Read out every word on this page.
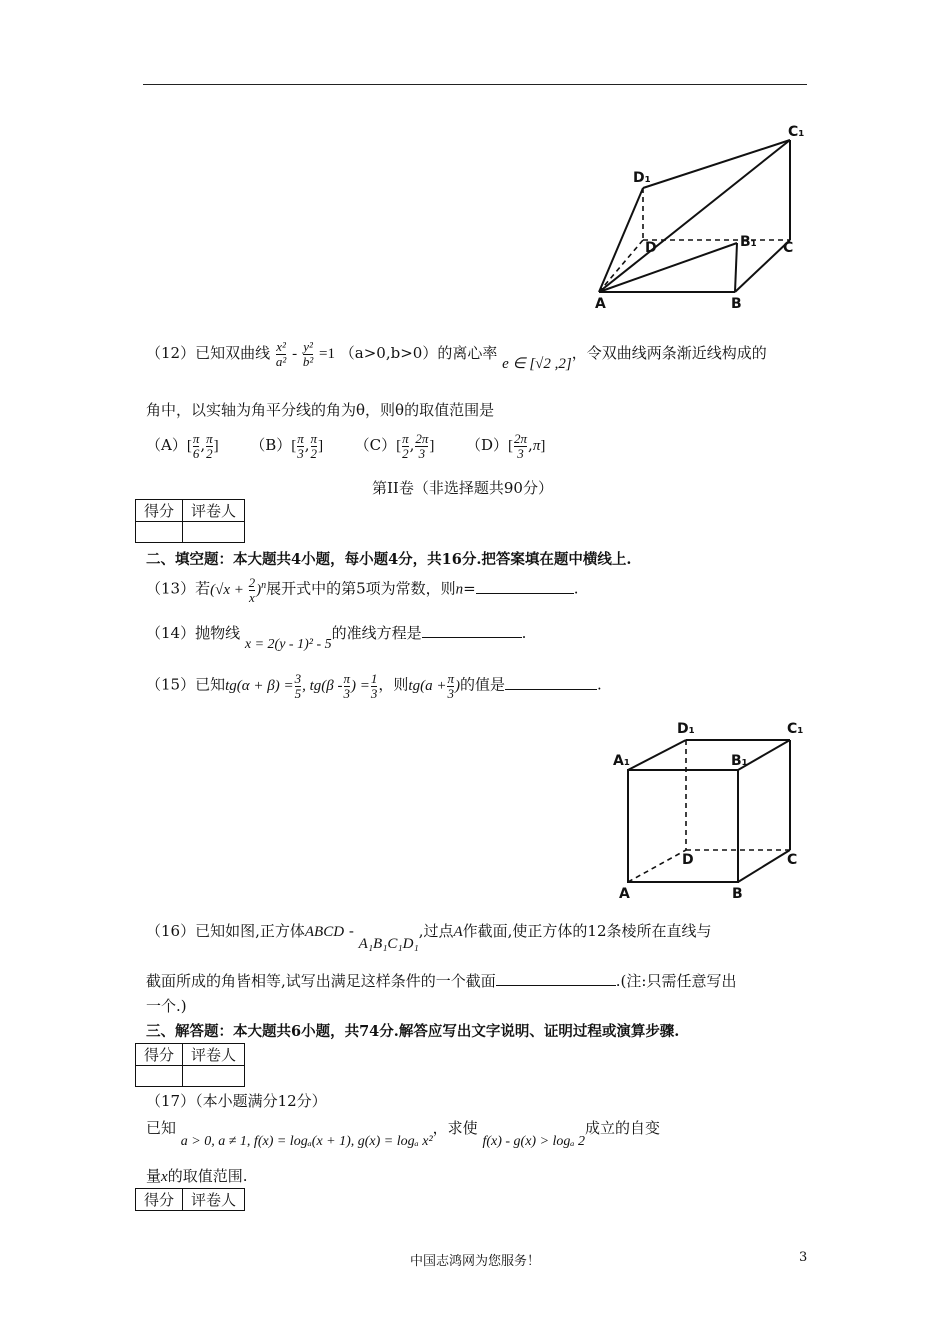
C₁
D₁
D	B₁ C
A	B
（12）已知双曲线 $\frac{\text{x²}}{\text{a²}} - \frac{\text{y²}}{\text{b²}} =1$ （a>0,b>0）的离心率 e ∈ [√2 ,2]，令双曲线两条渐近线构成的
角中，以实轴为角平分线的角为θ，则θ的取值范围是
$(A)[ \frac{\pi}{6}$ , $\frac{\pi}{2}$ ] $(B)[ \frac{\pi}{3}$ , $\frac{\pi}{2}$ ] $(C)[ \frac{\pi}{2}$ , $\frac{2\pi}{3}$ ] $(D)[ \frac{2\pi}{3} ,\pi]$
第II卷（非选择题共90分）
得分	评卷人

二、填空题：本大题共4小题，每小题4分，共16分.把答案填在题中横线上.
（13）若$(√x + \frac{2}{x} )^n$展开式中的第5项为常数，则n=	.
（14）抛物线 x = 2(y - 1)² - 5的准线方程是	.
（15）已知$tg(\alpha + \beta) = \frac{3}{5}$ , $tg(\beta - \frac{\pi}{3}$ ) = $\frac{1}{3}$ ，则$tg(a + \frac{\pi}{3}$ )的值是	.
D₁	C₁
A₁	B₁
D	C
A	B
（16）已知如图,正方体ABCD - A₁B₁C₁D₁,过点A作截面,使正方体的12条棱所在直线与
截面所成的角皆相等,试写出满足这样条件的一个截面	.(注:只需任意写出
一个.)
三、解答题：本大题共6小题，共74分.解答应写出文字说明、证明过程或演算步骤.
得分	评卷人

（17）（本小题满分12分）
已知 a > 0, a ≠ 1, f(x) = logₐ(x + 1), g(x) = logₐ x²，求使 f(x) - g(x) > logₐ 2成立的自变
量x的取值范围.
得分	评卷人
中国志鸿网为您服务！	3
